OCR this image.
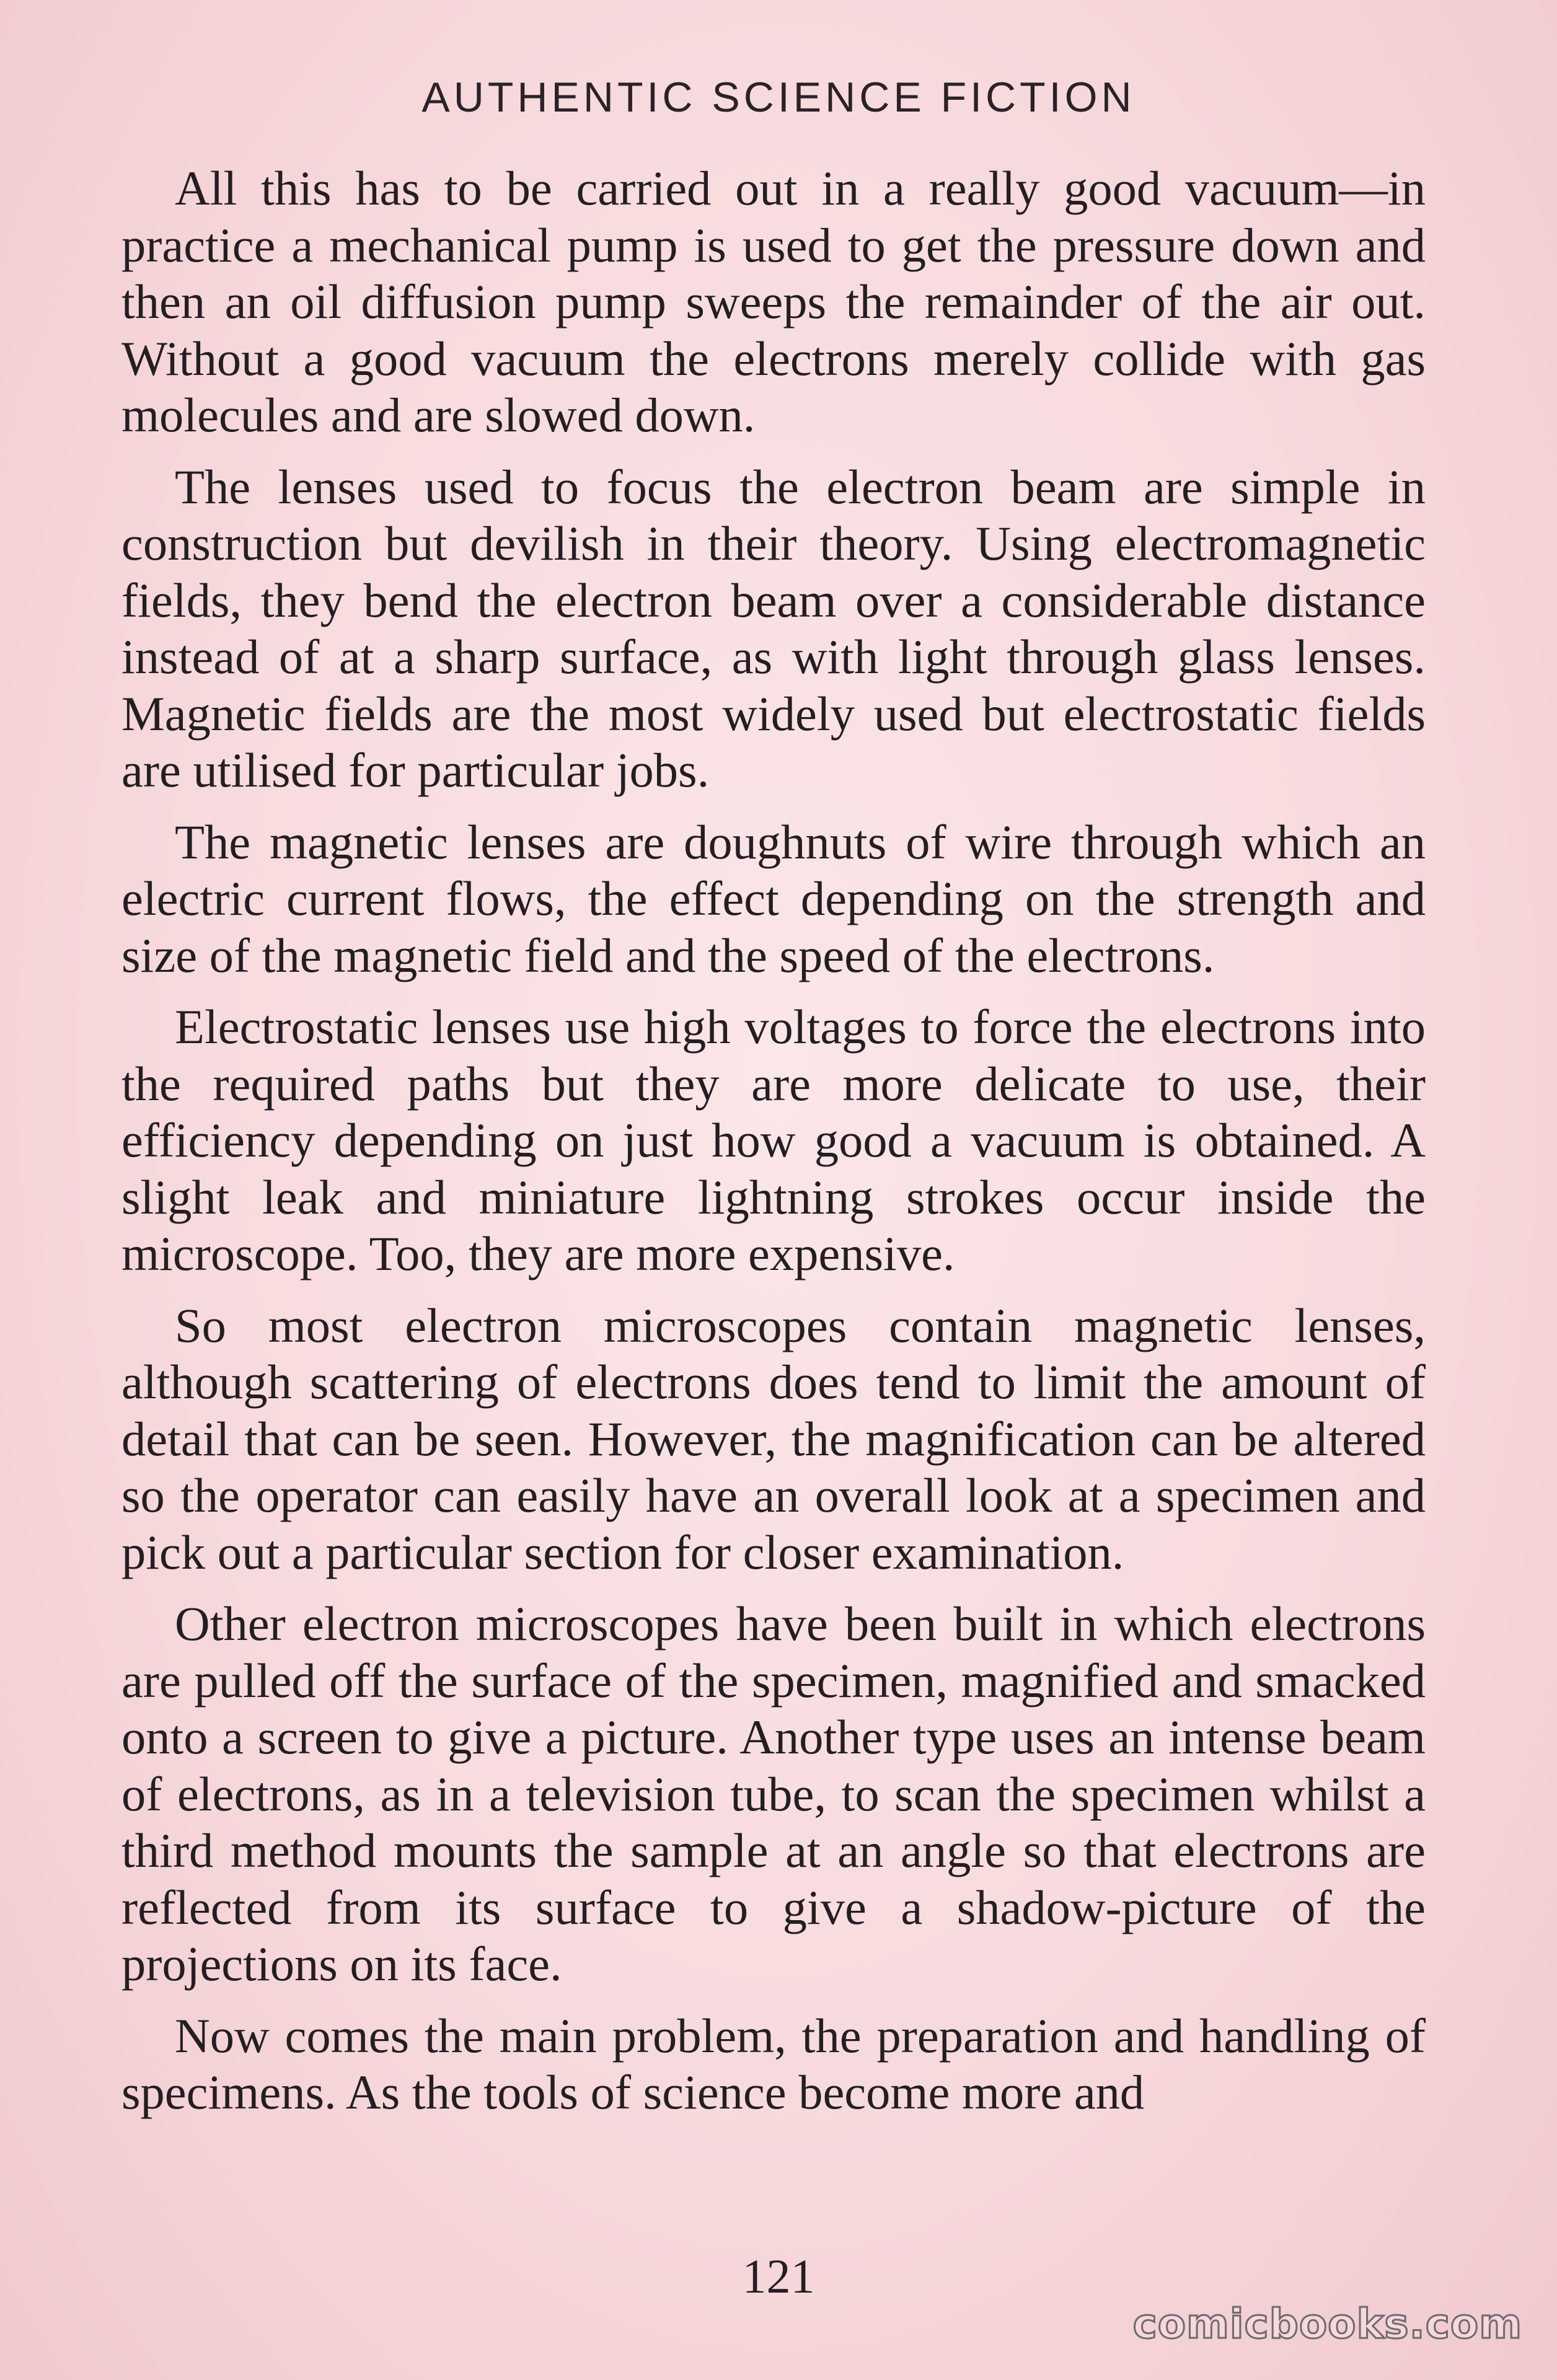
AUTHENTIC SCIENCE FICTION

All this has to be carried out in a really good vacuum—in practice a mechanical pump is used to get the pressure down and then an oil diffusion pump sweeps the remainder of the air out. Without a good vacuum the electrons merely collide with gas molecules and are slowed down.

The lenses used to focus the electron beam are simple in construction but devilish in their theory. Using electromagnetic fields, they bend the electron beam over a considerable distance instead of at a sharp surface, as with light through glass lenses. Magnetic fields are the most widely used but electrostatic fields are utilised for particular jobs.

The magnetic lenses are doughnuts of wire through which an electric current flows, the effect depending on the strength and size of the magnetic field and the speed of the electrons.

Electrostatic lenses use high voltages to force the electrons into the required paths but they are more delicate to use, their efficiency depending on just how good a vacuum is obtained. A slight leak and miniature lightning strokes occur inside the microscope. Too, they are more expensive.

So most electron microscopes contain magnetic lenses, although scattering of electrons does tend to limit the amount of detail that can be seen. However, the magnification can be altered so the operator can easily have an overall look at a specimen and pick out a particular section for closer examination.

Other electron microscopes have been built in which electrons are pulled off the surface of the specimen, magnified and smacked onto a screen to give a picture. Another type uses an intense beam of electrons, as in a television tube, to scan the specimen whilst a third method mounts the sample at an angle so that electrons are reflected from its surface to give a shadow-picture of the projections on its face.

Now comes the main problem, the preparation and handling of specimens. As the tools of science become more and

121
comicbooks.com
